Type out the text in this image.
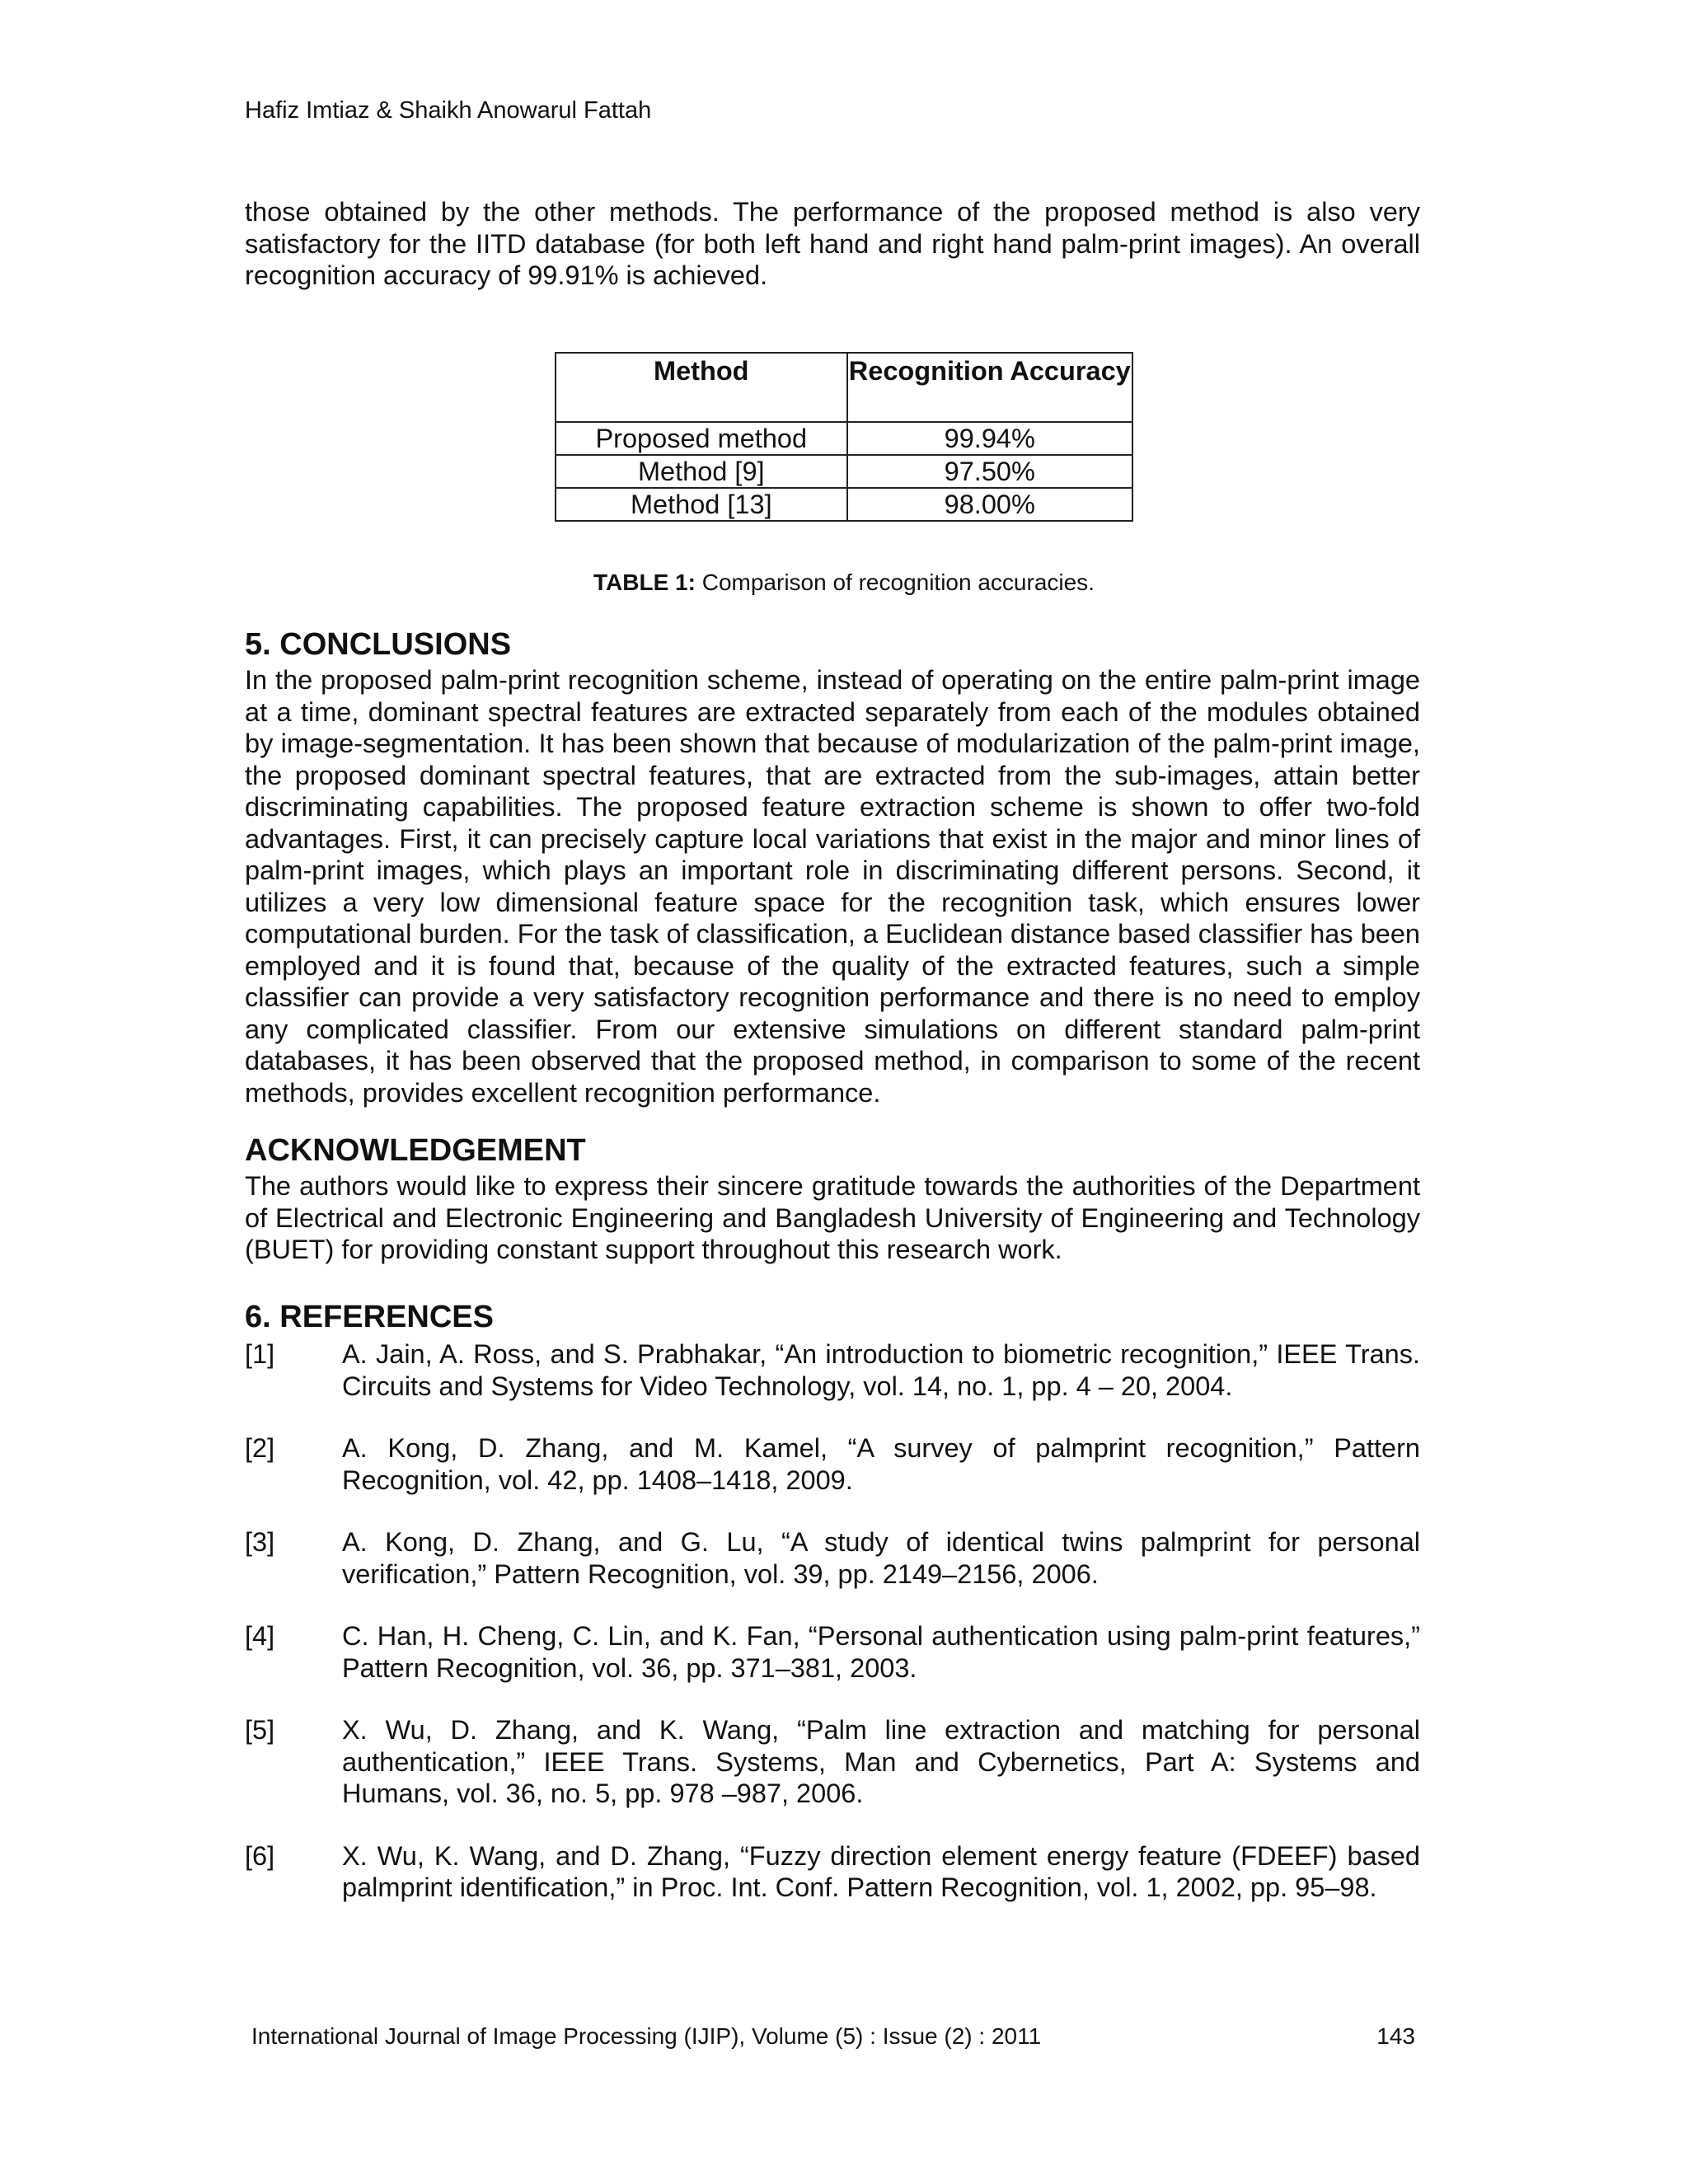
Hafiz Imtiaz & Shaikh Anowarul Fattah

those obtained by the other methods. The performance of the proposed method is also very satisfactory for the IITD database (for both left hand and right hand palm-print images). An overall recognition accuracy of 99.91% is achieved.

Method	Recognition Accuracy
Proposed method	99.94%
Method [9]	97.50%
Method [13]	98.00%
TABLE 1: Comparison of recognition accuracies.
5. CONCLUSIONS

In the proposed palm-print recognition scheme, instead of operating on the entire palm-print image at a time, dominant spectral features are extracted separately from each of the modules obtained by image-segmentation. It has been shown that because of modularization of the palm-print image, the proposed dominant spectral features, that are extracted from the sub-images, attain better discriminating capabilities. The proposed feature extraction scheme is shown to offer two-fold advantages. First, it can precisely capture local variations that exist in the major and minor lines of palm-print images, which plays an important role in discriminating different persons. Second, it utilizes a very low dimensional feature space for the recognition task, which ensures lower computational burden. For the task of classification, a Euclidean distance based classifier has been employed and it is found that, because of the quality of the extracted features, such a simple classifier can provide a very satisfactory recognition performance and there is no need to employ any complicated classifier. From our extensive simulations on different standard palm-print databases, it has been observed that the proposed method, in comparison to some of the recent methods, provides excellent recognition performance.

ACKNOWLEDGEMENT

The authors would like to express their sincere gratitude towards the authorities of the Department of Electrical and Electronic Engineering and Bangladesh University of Engineering and Technology (BUET) for providing constant support throughout this research work.

6. REFERENCES
[1]	A. Jain, A. Ross, and S. Prabhakar, “An introduction to biometric recognition,” IEEE Trans. Circuits and Systems for Video Technology, vol. 14, no. 1, pp. 4 – 20, 2004.
[2]	A. Kong, D. Zhang, and M. Kamel, “A survey of palmprint recognition,” Pattern Recognition, vol. 42, pp. 1408–1418, 2009.
[3]	A. Kong, D. Zhang, and G. Lu, “A study of identical twins palmprint for personal verification,” Pattern Recognition, vol. 39, pp. 2149–2156, 2006.
[4]	C. Han, H. Cheng, C. Lin, and K. Fan, “Personal authentication using palm-print features,” Pattern Recognition, vol. 36, pp. 371–381, 2003.
[5]	X. Wu, D. Zhang, and K. Wang, “Palm line extraction and matching for personal authentication,” IEEE Trans. Systems, Man and Cybernetics, Part A: Systems and Humans, vol. 36, no. 5, pp. 978 –987, 2006.
[6]	X. Wu, K. Wang, and D. Zhang, “Fuzzy direction element energy feature (FDEEF) based palmprint identification,” in Proc. Int. Conf. Pattern Recognition, vol. 1, 2002, pp. 95–98.
International Journal of Image Processing (IJIP), Volume (5) : Issue (2) : 2011	143
